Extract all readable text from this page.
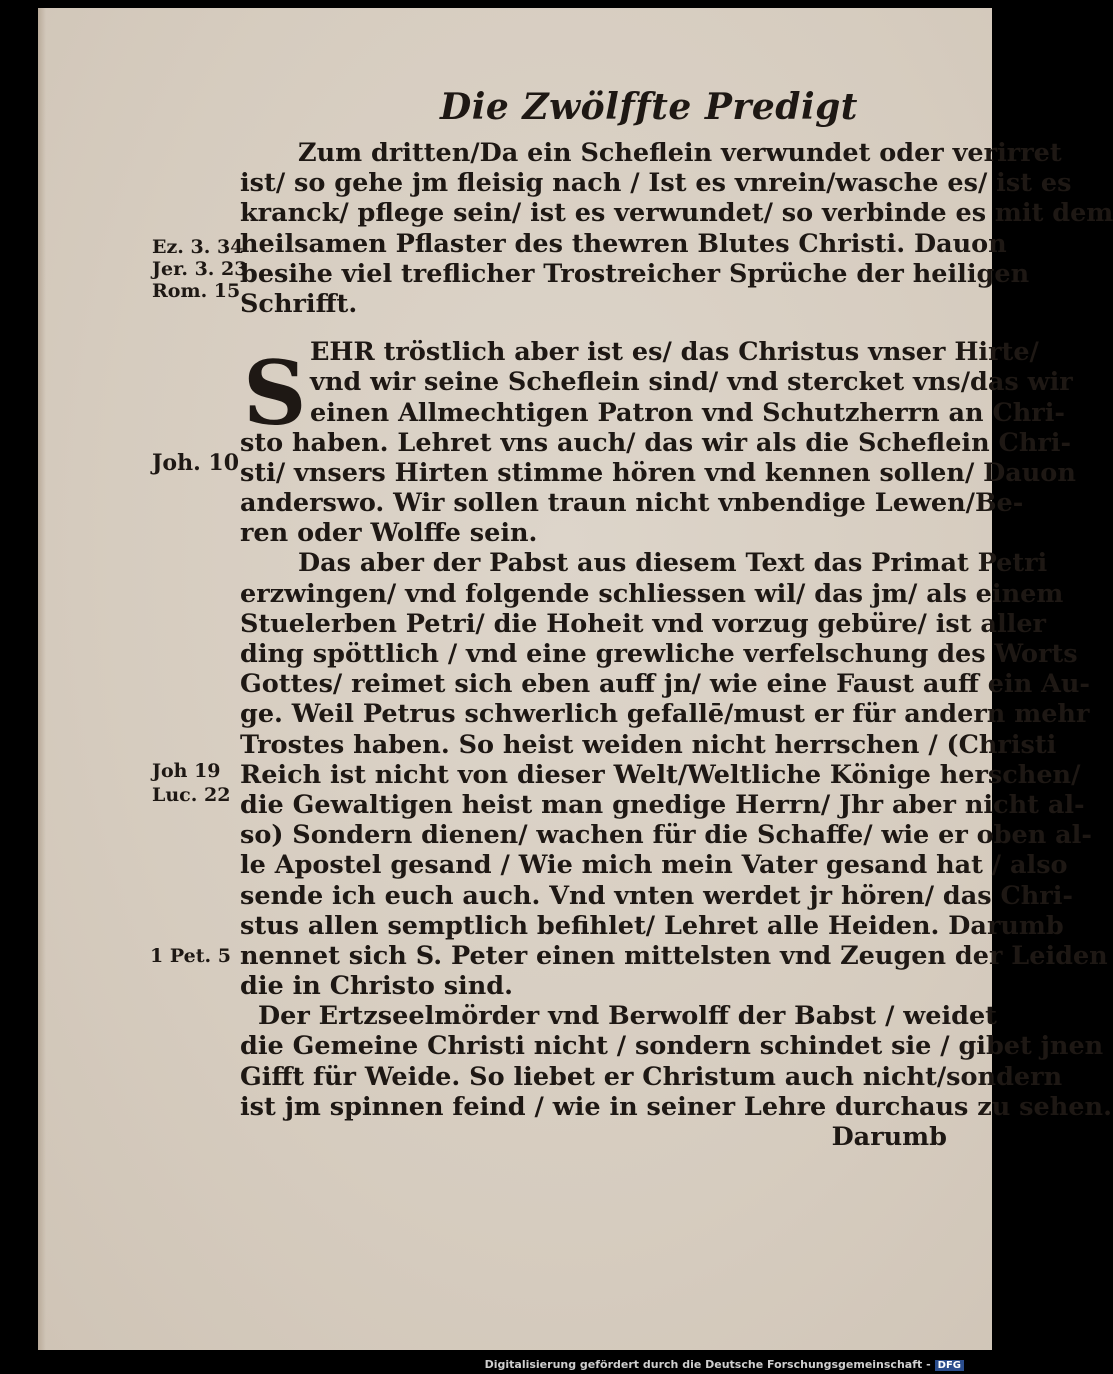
Die Zwölffte Predigt
S
Ez. 3. 34
Jer. 3. 23
Rom. 15
Joh. 10
Joh 19
Luc. 22
1 Pet. 5
Zum dritten/Da ein Scheflein verwundet oder verirret
ist/ so gehe jm fleisig nach / Ist es vnrein/wasche es/ ist es
kranck/ pflege sein/ ist es verwundet/ so verbinde es mit dem
heilsamen Pflaster des thewren Blutes Christi. Dauon
besihe viel treflicher Trostreicher Sprüche der heiligen
Schrifft.
EHR tröstlich aber ist es/ das Christus vnser Hirte/
vnd wir seine Scheflein sind/ vnd stercket vns/das wir
einen Allmechtigen Patron vnd Schutzherrn an Chri-
sto haben. Lehret vns auch/ das wir als die Scheflein Chri-
sti/ vnsers Hirten stimme hören vnd kennen sollen/ Dauon
anderswo. Wir sollen traun nicht vnbendige Lewen/Be-
ren oder Wolffe sein.
Das aber der Pabst aus diesem Text das Primat Petri
erzwingen/ vnd folgende schliessen wil/ das jm/ als einem
Stuelerben Petri/ die Hoheit vnd vorzug gebüre/ ist aller
ding spöttlich / vnd eine grewliche verfelschung des Worts
Gottes/ reimet sich eben auff jn/ wie eine Faust auff ein Au-
ge. Weil Petrus schwerlich gefallē/must er für andern mehr
Trostes haben. So heist weiden nicht herrschen / (Christi
Reich ist nicht von dieser Welt/Weltliche Könige herschen/
die Gewaltigen heist man gnedige Herrn/ Jhr aber nicht al-
so) Sondern dienen/ wachen für die Schaffe/ wie er oben al-
le Apostel gesand / Wie mich mein Vater gesand hat / also
sende ich euch auch. Vnd vnten werdet jr hören/ das Chri-
stus allen semptlich befihlet/ Lehret alle Heiden. Darumb
nennet sich S. Peter einen mittelsten vnd Zeugen der Leiden
die in Christo sind.
Der Ertzseelmörder vnd Berwolff der Babst / weidet
die Gemeine Christi nicht / sondern schindet sie / gibet jnen
Gifft für Weide. So liebet er Christum auch nicht/sondern
ist jm spinnen feind / wie in seiner Lehre durchaus zu sehen.
Darumb
Digitalisierung gefördert durch die Deutsche Forschungsgemeinschaft - DFG
